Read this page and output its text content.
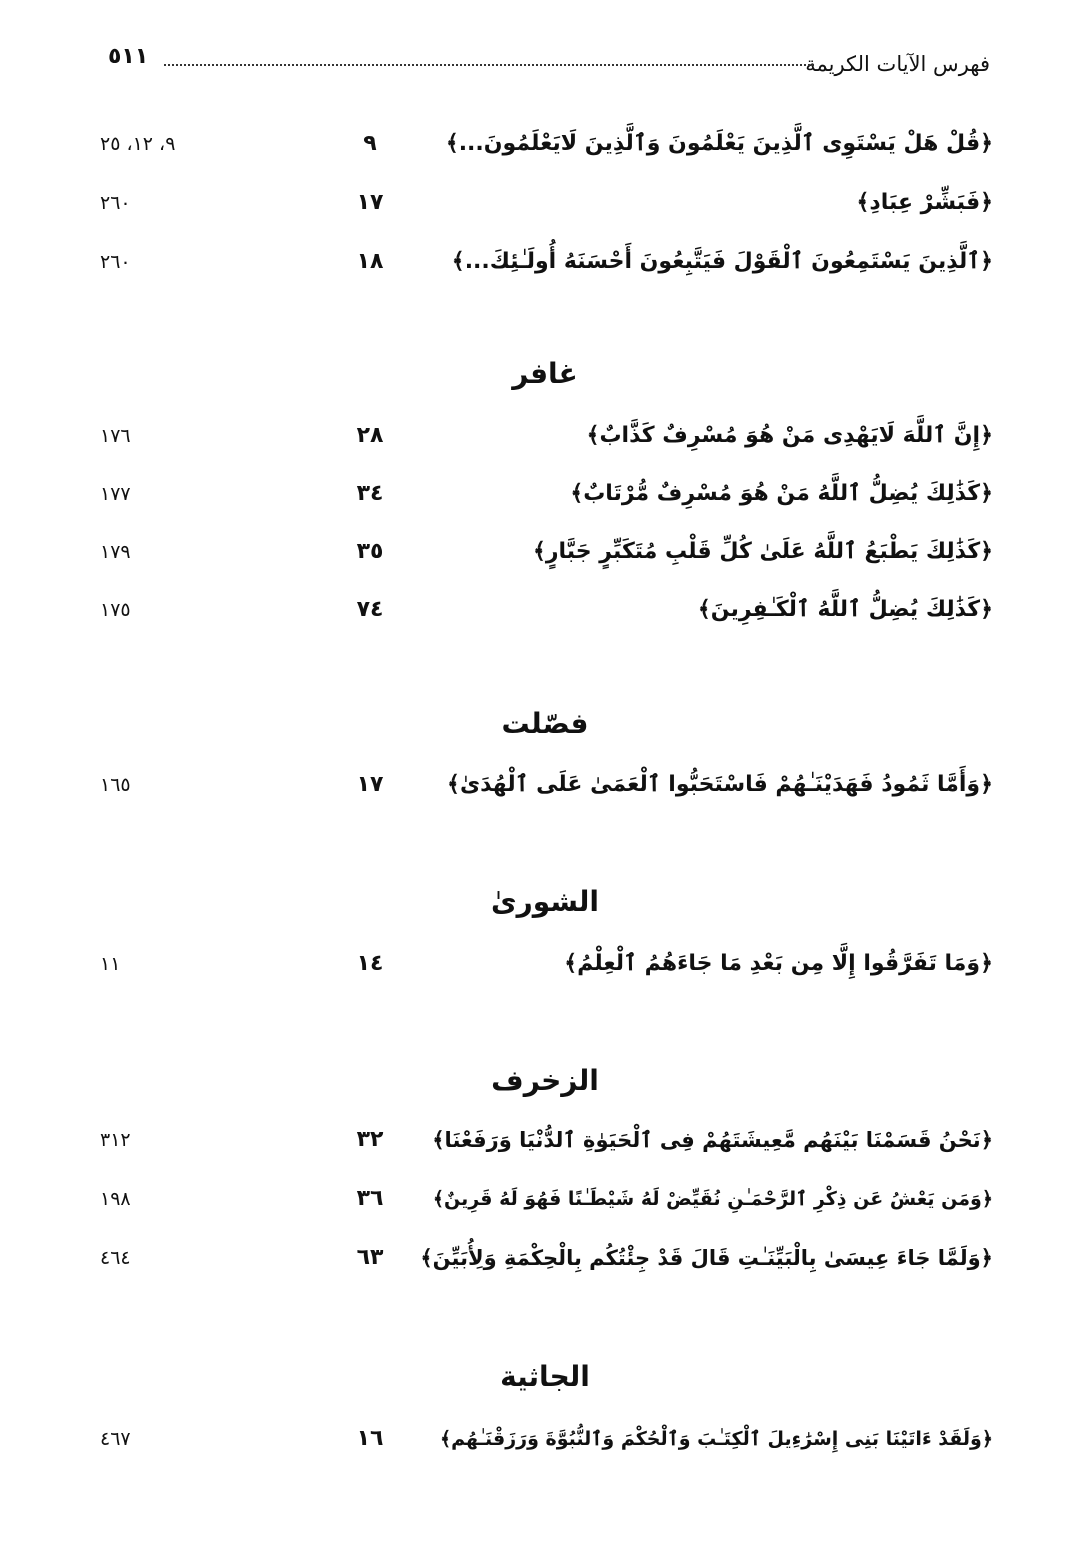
فهرس الآيات الكريمة
٥١١
﴿قُلْ هَلْ يَسْتَوِى ٱلَّذِينَ يَعْلَمُونَ وَٱلَّذِينَ لَايَعْلَمُونَ...﴾
٩
٩، ١٢، ٢٥
﴿فَبَشِّرْ عِبَادِ﴾
١٧
٢٦٠
﴿ٱلَّذِينَ يَسْتَمِعُونَ ٱلْقَوْلَ فَيَتَّبِعُونَ أَحْسَنَهُ أُولَـٰئِكَ...﴾
١٨
٢٦٠
غافر
﴿إِنَّ ٱللَّهَ لَايَهْدِى مَنْ هُوَ مُسْرِفٌ كَذَّابٌ﴾
٢٨
١٧٦
﴿كَذَٰلِكَ يُضِلُّ ٱللَّهُ مَنْ هُوَ مُسْرِفٌ مُّرْتَابٌ﴾
٣٤
١٧٧
﴿كَذَٰلِكَ يَطْبَعُ ٱللَّهُ عَلَىٰ كُلِّ قَلْبِ مُتَكَبِّرٍ جَبَّارٍ﴾
٣٥
١٧٩
﴿كَذَٰلِكَ يُضِلُّ ٱللَّهُ ٱلْكَـٰفِرِينَ﴾
٧٤
١٧٥
فصّلت
﴿وَأَمَّا ثَمُودُ فَهَدَيْنَـٰهُمْ فَاسْتَحَبُّوا ٱلْعَمَىٰ عَلَى ٱلْهُدَىٰ﴾
١٧
١٦٥
الشورىٰ
﴿وَمَا تَفَرَّقُوا إِلَّا مِن بَعْدِ مَا جَاءَهُمُ ٱلْعِلْمُ﴾
١٤
١١
الزخرف
﴿نَحْنُ قَسَمْنَا بَيْنَهُم مَّعِيشَتَهُمْ فِى ٱلْحَيَوٰةِ ٱلدُّنْيَا وَرَفَعْنَا﴾
٣٢
٣١٢
﴿وَمَن يَعْشُ عَن ذِكْرِ ٱلرَّحْمَـٰنِ نُقَيِّضْ لَهُ شَيْطَـٰنًا فَهُوَ لَهُ قَرِينٌ﴾
٣٦
١٩٨
﴿وَلَمَّا جَاءَ عِيسَىٰ بِالْبَيِّنَـٰتِ قَالَ قَدْ جِئْتُكُم بِالْحِكْمَةِ وَلِأُبَيِّنَ﴾
٦٣
٤٦٤
الجاثية
﴿وَلَقَدْ ءَاتَيْنَا بَنِى إِسْرَٰءِيلَ ٱلْكِتَـٰبَ وَٱلْحُكْمَ وَٱلنُّبُوَّةَ وَرَزَقْنَـٰهُم﴾
١٦
٤٦٧
